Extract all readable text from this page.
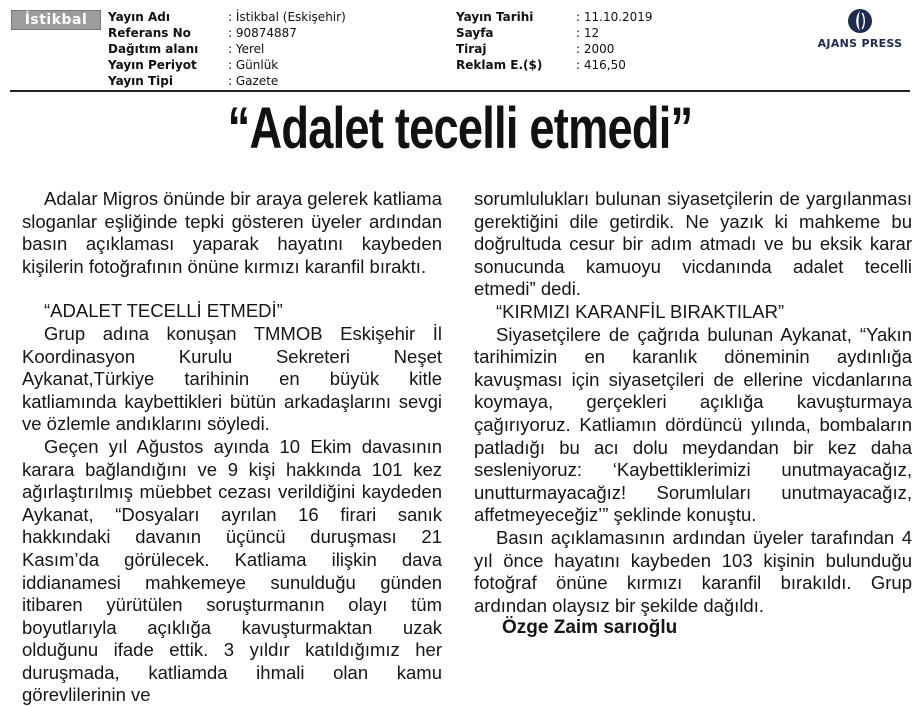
İstikbal Yayın Adı	: İstikbal (Eskişehir)
Referans No	: 90874887
Dağıtım alanı	: Yerel
Yayın Periyot	: Günlük
Yayın Tipi	: Gazete
Yayın Tarihi	: 11.10.2019
Sayfa	: 12
Tiraj	: 2000
Reklam E.($)	: 416,50
AJANS PRESS
“Adalet tecelli etmedi”

Adalar Migros önünde bir araya gelerek katliama sloganlar eşliğinde tepki gösteren üyeler ardından basın açıklaması yaparak hayatını kaybeden kişilerin fotoğrafının önüne kırmızı karanfil bıraktı.

“ADALET TECELLİ ETMEDİ”

Grup adına konuşan TMMOB Eskişehir İl Koordinasyon Kurulu Sekreteri Neşet Aykanat,Türkiye tarihinin en büyük kitle katliamında kaybettikleri bütün arkadaşlarını sevgi ve özlemle andıklarını söyledi.

Geçen yıl Ağustos ayında 10 Ekim davasının karara bağlandığını ve 9 kişi hakkında 101 kez ağırlaştırılmış müebbet cezası verildiğini kaydeden Aykanat, “Dosyaları ayrılan 16 firari sanık hakkındaki davanın üçüncü duruşması 21 Kasım’da görülecek. Katliama ilişkin dava iddianamesi mahkemeye sunulduğu günden itibaren yürütülen soruşturmanın olayı tüm boyutlarıyla açıklığa kavuşturmaktan uzak olduğunu ifade ettik. 3 yıldır katıldığımız her duruşmada, katliamda ihmali olan kamu görevlilerinin ve

sorumlulukları bulunan siyasetçilerin de yargılanması gerektiğini dile getirdik. Ne yazık ki mahkeme bu doğrultuda cesur bir adım atmadı ve bu eksik karar sonucunda kamuoyu vicdanında adalet tecelli etmedi” dedi.

“KIRMIZI KARANFİL BIRAKTILAR”

Siyasetçilere de çağrıda bulunan Aykanat, “Yakın tarihimizin en karanlık döneminin aydınlığa kavuşması için siyasetçileri de ellerine vicdanlarına koymaya, gerçekleri açıklığa kavuşturmaya çağırıyoruz. Katliamın dördüncü yılında, bombaların patladığı bu acı dolu meydandan bir kez daha sesleniyoruz: ‘Kaybettiklerimizi unutmayacağız, unutturmayacağız! Sorumluları unutmayacağız, affetmeyeceğiz’” şeklinde konuştu.

Basın açıklamasının ardından üyeler tarafından 4 yıl önce hayatını kaybeden 103 kişinin bulunduğu fotoğraf önüne kırmızı karanfil bırakıldı. Grup ardından olaysız bir şekilde dağıldı.

Özge Zaim sarıoğlu
